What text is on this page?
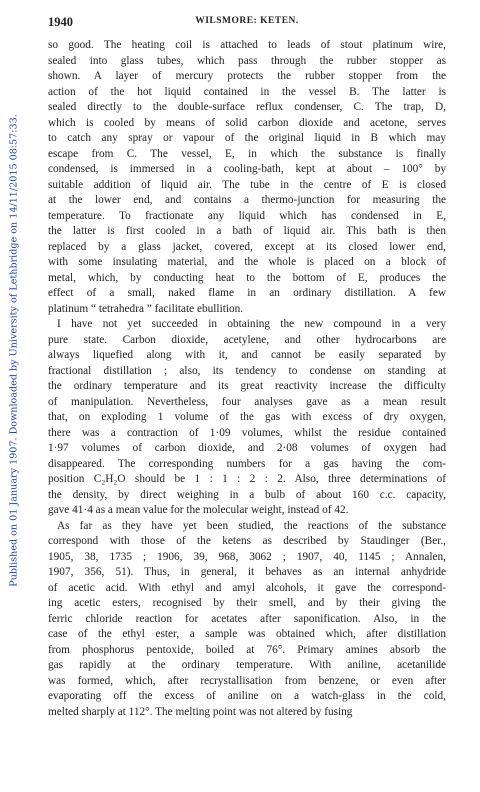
Published on 01 January 1907. Downloaded by University of Lethbridge on 14/11/2015 08:57:33.
1940	WILSMORE: KETEN.
so good. The heating coil is attached to leads of stout platinum wire,
sealed into glass tubes, which pass through the rubber stopper as
shown. A layer of mercury protects the rubber stopper from the
action of the hot liquid contained in the vessel B. The latter is
sealed directly to the double-surface reflux condenser, C. The trap, D,
which is cooled by means of solid carbon dioxide and acetone, serves
to catch any spray or vapour of the original liquid in B which may
escape from C. The vessel, E, in which the substance is finally
condensed, is immersed in a cooling-bath, kept at about – 100° by
suitable addition of liquid air. The tube in the centre of E is closed
at the lower end, and contains a thermo-junction for measuring the
temperature. To fractionate any liquid which has condensed in E,
the latter is first cooled in a bath of liquid air. This bath is then
replaced by a glass jacket, covered, except at its closed lower end,
with some insulating material, and the whole is placed on a block of
metal, which, by conducting heat to the bottom of E, produces the
effect of a small, naked flame in an ordinary distillation. A few
platinum “ tetrahedra ” facilitate ebullition.
I have not yet succeeded in obtaining the new compound in a very
pure state. Carbon dioxide, acetylene, and other hydrocarbons are
always liquefied along with it, and cannot be easily separated by
fractional distillation ; also, its tendency to condense on standing at
the ordinary temperature and its great reactivity increase the difficulty
of manipulation. Nevertheless, four analyses gave as a mean result
that, on exploding 1 volume of the gas with excess of dry oxygen,
there was a contraction of 1·09 volumes, whilst the residue contained
1·97 volumes of carbon dioxide, and 2·08 volumes of oxygen had
disappeared. The corresponding numbers for a gas having the com-
position C₂H₂O should be 1 : 1 : 2 : 2. Also, three determinations of
the density, by direct weighing in a bulb of about 160 c.c. capacity,
gave 41·4 as a mean value for the molecular weight, instead of 42.
As far as they have yet been studied, the reactions of the substance
correspond with those of the ketens as described by Staudinger (Ber.,
1905, 38, 1735 ; 1906, 39, 968, 3062 ; 1907, 40, 1145 ; Annalen,
1907, 356, 51). Thus, in general, it behaves as an internal anhydride
of acetic acid. With ethyl and amyl alcohols, it gave the correspond-
ing acetic esters, recognised by their smell, and by their giving the
ferric chloride reaction for acetates after saponification. Also, in the
case of the ethyl ester, a sample was obtained which, after distillation
from phosphorus pentoxide, boiled at 76°. Primary amines absorb the
gas rapidly at the ordinary temperature. With aniline, acetanilide
was formed, which, after recrystallisation from benzene, or even after
evaporating off the excess of aniline on a watch-glass in the cold,
melted sharply at 112°. The melting point was not altered by fusing
